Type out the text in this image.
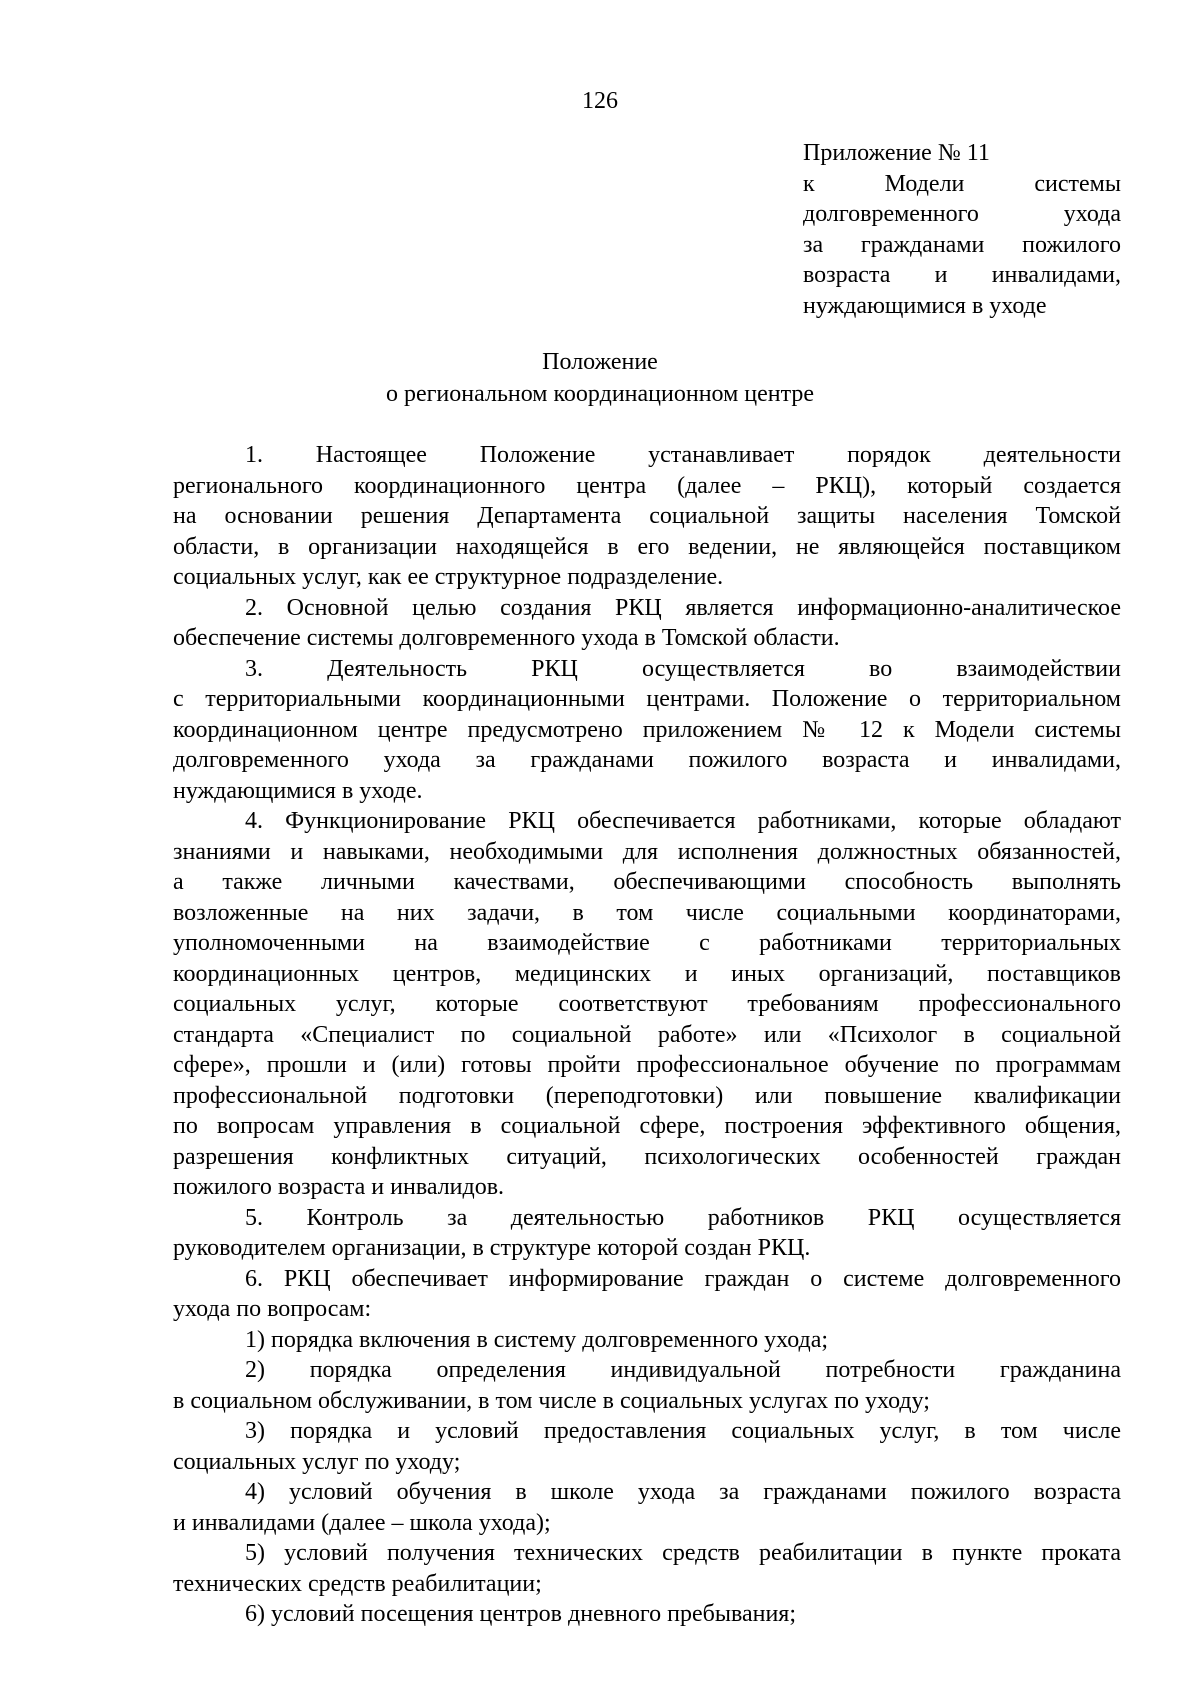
126
Приложение № 11
к Модели системы
долговременного ухода
за гражданами пожилого
возраста и инвалидами,
нуждающимися в уходе
Положение
о региональном координационном центре
1. Настоящее Положение устанавливает порядок деятельности
регионального координационного центра (далее – РКЦ), который создается
на основании решения Департамента социальной защиты населения Томской
области, в организации находящейся в его ведении, не являющейся поставщиком
социальных услуг, как ее структурное подразделение.
2. Основной целью создания РКЦ является информационно-аналитическое
обеспечение системы долговременного ухода в Томской области.
3. Деятельность РКЦ осуществляется во взаимодействии
с территориальными координационными центрами. Положение о территориальном
координационном центре предусмотрено приложением № 12 к Модели системы
долговременного ухода за гражданами пожилого возраста и инвалидами,
нуждающимися в уходе.
4. Функционирование РКЦ обеспечивается работниками, которые обладают
знаниями и навыками, необходимыми для исполнения должностных обязанностей,
а также личными качествами, обеспечивающими способность выполнять
возложенные на них задачи, в том числе социальными координаторами,
уполномоченными на взаимодействие с работниками территориальных
координационных центров, медицинских и иных организаций, поставщиков
социальных услуг, которые соответствуют требованиям профессионального
стандарта «Специалист по социальной работе» или «Психолог в социальной
сфере», прошли и (или) готовы пройти профессиональное обучение по программам
профессиональной подготовки (переподготовки) или повышение квалификации
по вопросам управления в социальной сфере, построения эффективного общения,
разрешения конфликтных ситуаций, психологических особенностей граждан
пожилого возраста и инвалидов.
5. Контроль за деятельностью работников РКЦ осуществляется
руководителем организации, в структуре которой создан РКЦ.
6. РКЦ обеспечивает информирование граждан о системе долговременного
ухода по вопросам:
1) порядка включения в систему долговременного ухода;
2) порядка определения индивидуальной потребности гражданина
в социальном обслуживании, в том числе в социальных услугах по уходу;
3) порядка и условий предоставления социальных услуг, в том числе
социальных услуг по уходу;
4) условий обучения в школе ухода за гражданами пожилого возраста
и инвалидами (далее – школа ухода);
5) условий получения технических средств реабилитации в пункте проката
технических средств реабилитации;
6) условий посещения центров дневного пребывания;
